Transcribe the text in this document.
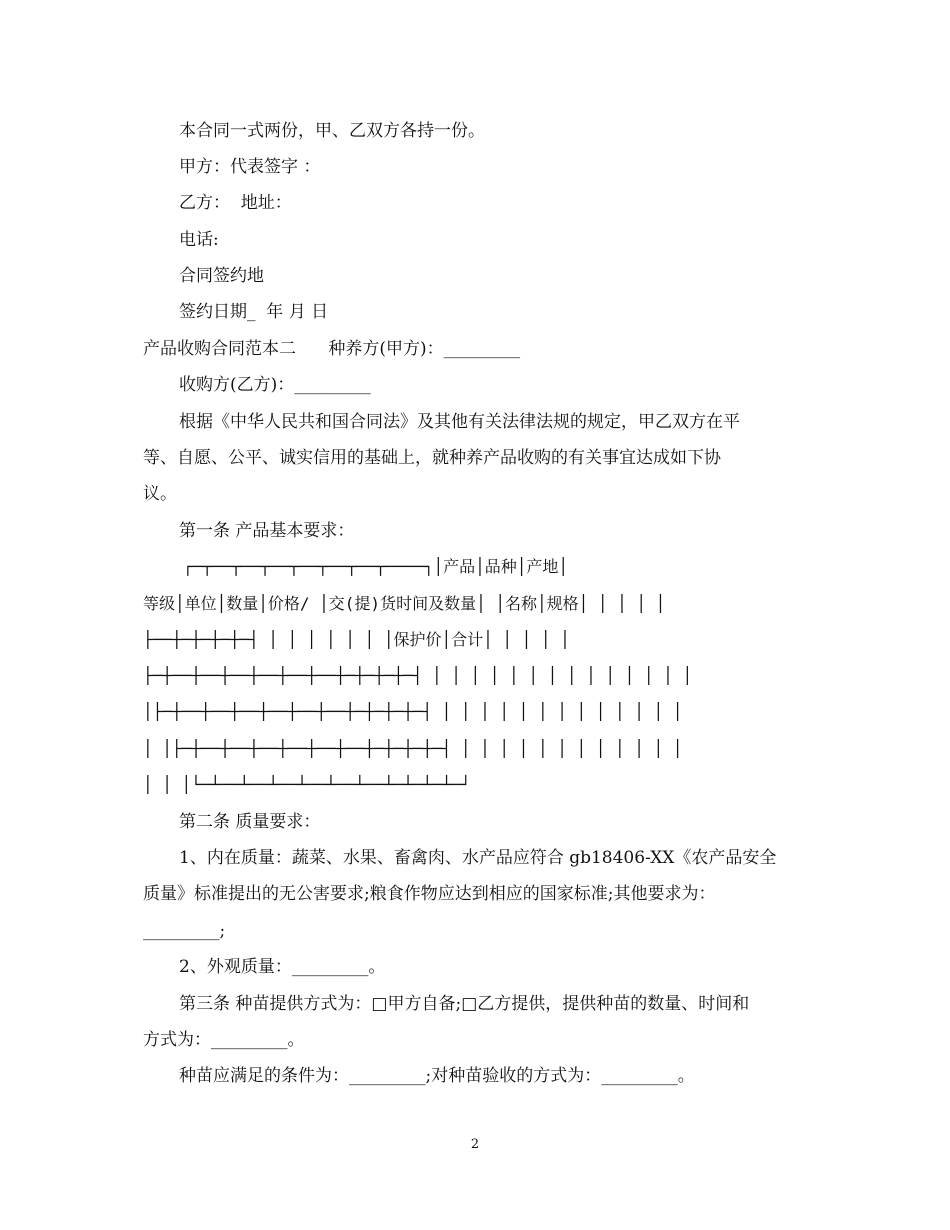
本合同一式两份，甲、乙双方各持一份。
甲方：代表签字 ：
乙方：  地址：
电话:
合同签约地
签约日期_  年 月 日
产品收购合同范本二      种养方(甲方)：_________
收购方(乙方)：_________
根据《中华人民共和国合同法》及其他有关法律法规的规定，甲乙双方在平
等、自愿、公平、诚实信用的基础上，就种养产品收购的有关事宜达成如下协
议。
第一条 产品基本要求：
┌─┬──┬──┬──┬──┬──┬──┬────┐│产品│品种│产地│
等级│单位│数量│价格/ │交(提)货时间及数量│ │名称│规格│ │ │ │ │
├──┼─┼─┼─┼─┤ │ │ │ │ │ │ │保护价│合计│ │ │ │ │
├─┼──┼──┼──┼──┼──┼──┼─┼─┼─┼─┤ │ │ │ │ │ │ │ │ │ │ │ │ │ │
│├─┼──┼──┼──┼──┼──┼──┼─┼─┼─┼─┤ │ │ │ │ │ │ │ │ │ │ │ │ │
│ │├─┼──┼──┼──┼──┼──┼──┼─┼─┼─┼─┤ │ │ │ │ │ │ │ │ │ │ │ │
│ │ │└─┴──┴──┴──┴──┴──┴──┴─┴─┴─┴─┘
第二条 质量要求：
1、内在质量：蔬菜、水果、畜禽肉、水产品应符合 gb18406-XX《农产品安全
质量》标准提出的无公害要求;粮食作物应达到相应的国家标准;其他要求为：
_________;
2、外观质量：_________。
第三条 种苗提供方式为：□甲方自备;□乙方提供，提供种苗的数量、时间和
方式为：_________。
种苗应满足的条件为：_________;对种苗验收的方式为：_________。
2
